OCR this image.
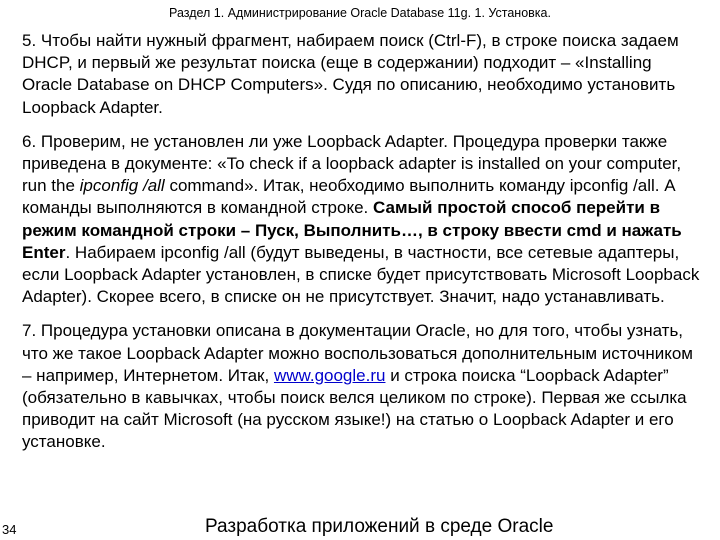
Раздел 1. Администрирование Oracle Database 11g. 1. Установка.

5. Чтобы найти нужный фрагмент, набираем поиск (Ctrl-F), в строке поиска задаем DHCP, и первый же результат поиска (еще в содержании) подходит – «Installing Oracle Database on DHCP Computers». Судя по описанию, необходимо установить Loopback Adapter.

6. Проверим, не установлен ли уже Loopback Adapter. Процедура проверки также приведена в документе: «To check if a loopback adapter is installed on your computer, run the ipconfig /all command». Итак, необходимо выполнить команду ipconfig /all. А команды выполняются в командной строке. Самый простой способ перейти в режим командной строки – Пуск, Выполнить…, в строку ввести cmd и нажать Enter. Набираем ipconfig /all (будут выведены, в частности, все сетевые адаптеры, если Loopback Adapter установлен, в списке будет присутствовать Microsoft Loopback Adapter). Скорее всего, в списке он не присутствует. Значит, надо устанавливать.

7. Процедура установки описана в документации Oracle, но для того, чтобы узнать, что же такое Loopback Adapter можно воспользоваться дополнительным источником – например, Интернетом. Итак, www.google.ru и строка поиска “Loopback Adapter” (обязательно в кавычках, чтобы поиск велся целиком по строке). Первая же ссылка приводит на сайт Microsoft (на русском языке!) на статью о Loopback Adapter и его установке.

34	Разработка приложений в среде Oracle
